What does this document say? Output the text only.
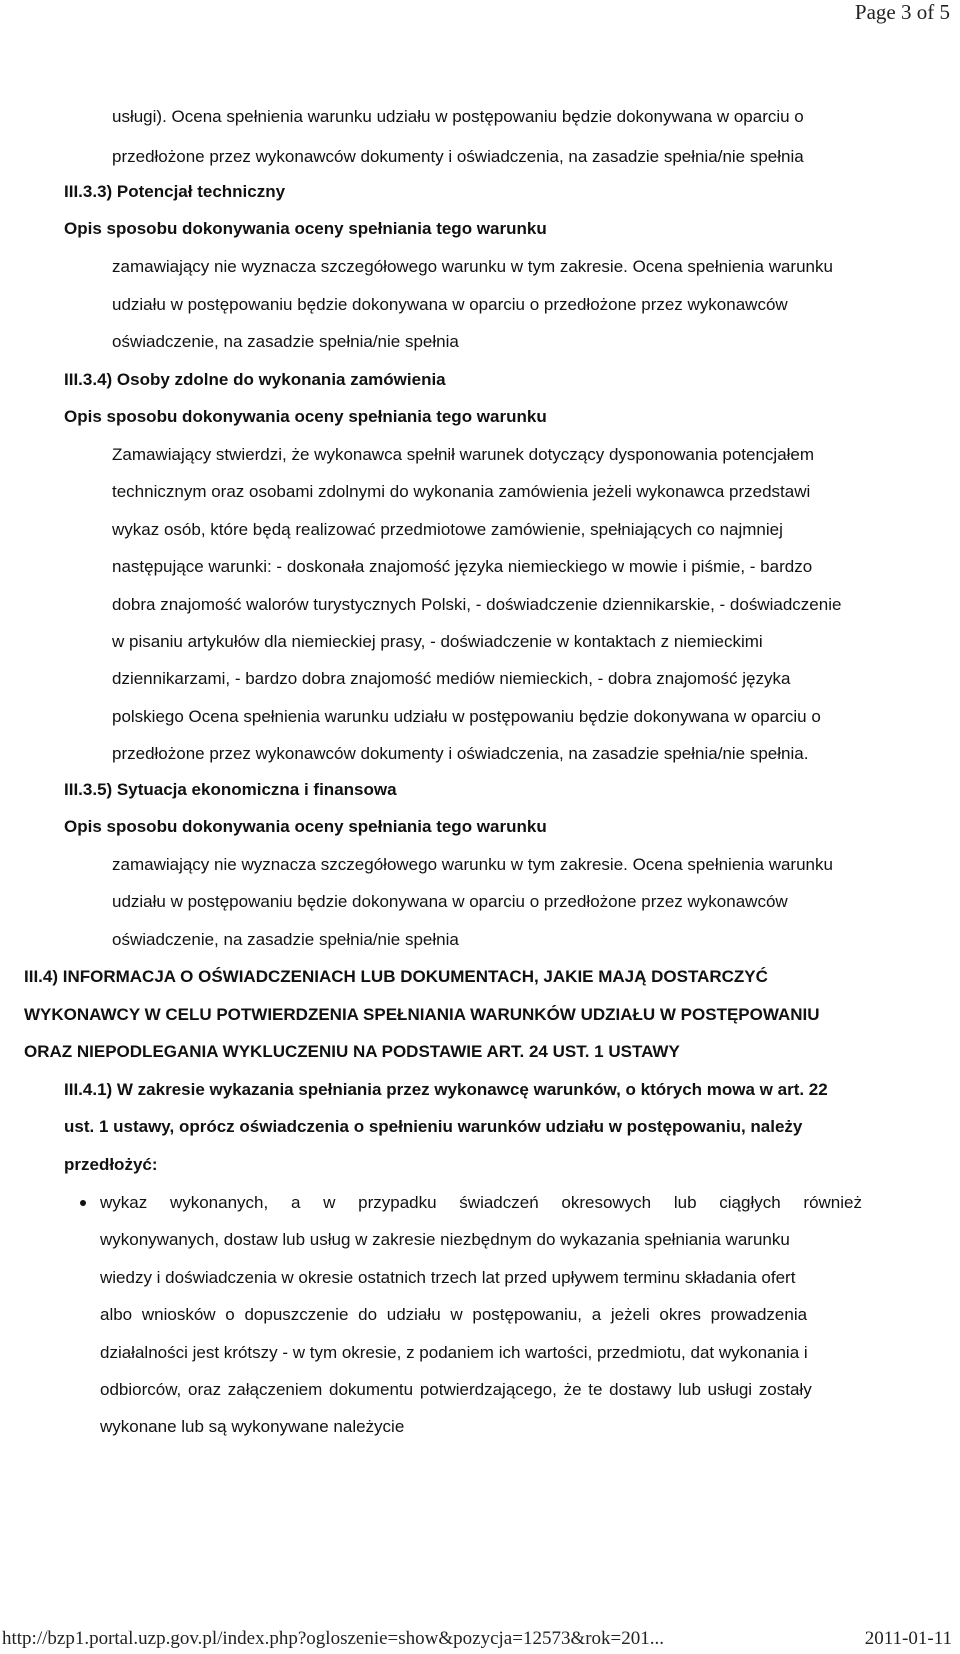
Page 3 of 5
usługi). Ocena spełnienia warunku udziału w postępowaniu będzie dokonywana w oparciu o
przedłożone przez wykonawców dokumenty i oświadczenia, na zasadzie spełnia/nie spełnia
III.3.3) Potencjał techniczny
Opis sposobu dokonywania oceny spełniania tego warunku
zamawiający nie wyznacza szczegółowego warunku w tym zakresie. Ocena spełnienia warunku
udziału w postępowaniu będzie dokonywana w oparciu o przedłożone przez wykonawców
oświadczenie, na zasadzie spełnia/nie spełnia
III.3.4) Osoby zdolne do wykonania zamówienia
Opis sposobu dokonywania oceny spełniania tego warunku
Zamawiający stwierdzi, że wykonawca spełnił warunek dotyczący dysponowania potencjałem
technicznym oraz osobami zdolnymi do wykonania zamówienia jeżeli wykonawca przedstawi
wykaz osób, które będą realizować przedmiotowe zamówienie, spełniających co najmniej
następujące warunki: - doskonała znajomość języka niemieckiego w mowie i piśmie, - bardzo
dobra znajomość walorów turystycznych Polski, - doświadczenie dziennikarskie, - doświadczenie
w pisaniu artykułów dla niemieckiej prasy, - doświadczenie w kontaktach z niemieckimi
dziennikarzami, - bardzo dobra znajomość mediów niemieckich, - dobra znajomość języka
polskiego Ocena spełnienia warunku udziału w postępowaniu będzie dokonywana w oparciu o
przedłożone przez wykonawców dokumenty i oświadczenia, na zasadzie spełnia/nie spełnia.
III.3.5) Sytuacja ekonomiczna i finansowa
Opis sposobu dokonywania oceny spełniania tego warunku
zamawiający nie wyznacza szczegółowego warunku w tym zakresie. Ocena spełnienia warunku
udziału w postępowaniu będzie dokonywana w oparciu o przedłożone przez wykonawców
oświadczenie, na zasadzie spełnia/nie spełnia
III.4) INFORMACJA O OŚWIADCZENIACH LUB DOKUMENTACH, JAKIE MAJĄ DOSTARCZYĆ
WYKONAWCY W CELU POTWIERDZENIA SPEŁNIANIA WARUNKÓW UDZIAŁU W POSTĘPOWANIU
ORAZ NIEPODLEGANIA WYKLUCZENIU NA PODSTAWIE ART. 24 UST. 1 USTAWY
III.4.1) W zakresie wykazania spełniania przez wykonawcę warunków, o których mowa w art. 22
ust. 1 ustawy, oprócz oświadczenia o spełnieniu warunków udziału w postępowaniu, należy
przedłożyć:
wykaz wykonanych, a w przypadku świadczeń okresowych lub ciągłych również
wykonywanych, dostaw lub usług w zakresie niezbędnym do wykazania spełniania warunku
wiedzy i doświadczenia w okresie ostatnich trzech lat przed upływem terminu składania ofert
albo wniosków o dopuszczenie do udziału w postępowaniu, a jeżeli okres prowadzenia
działalności jest krótszy - w tym okresie, z podaniem ich wartości, przedmiotu, dat wykonania i
odbiorców, oraz załączeniem dokumentu potwierdzającego, że te dostawy lub usługi zostały
wykonane lub są wykonywane należycie
http://bzp1.portal.uzp.gov.pl/index.php?ogloszenie=show&pozycja=12573&rok=201...	2011-01-11
